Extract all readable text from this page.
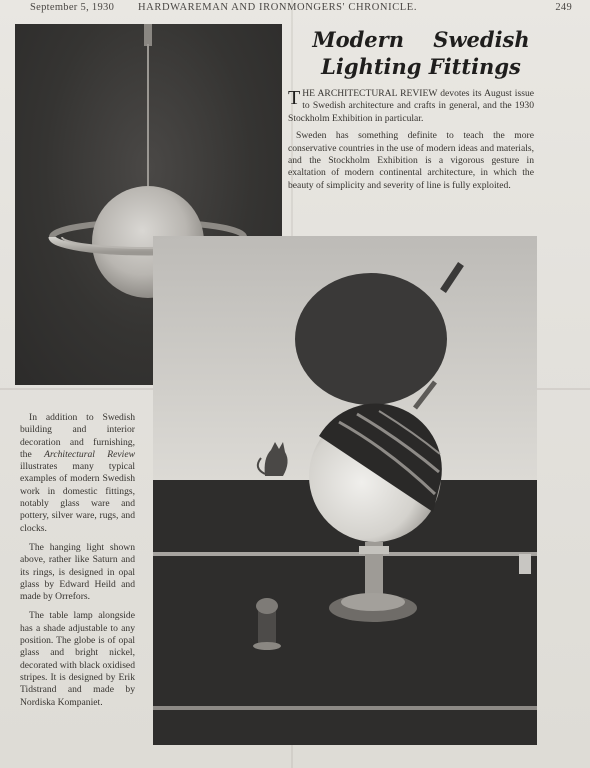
September 5, 1930 HARDWAREMAN AND IRONMONGERS' CHRONICLE.	249
Modern Swedish
Lighting Fittings

THE ARCHITECTURAL REVIEW devotes its August issue to Swedish architecture and crafts in general, and the 1930 Stockholm Exhibition in particular.

Sweden has something definite to teach the more conservative countries in the use of modern ideas and materials, and the Stockholm Exhibition is a vigorous gesture in exaltation of modern continental architecture, in which the beauty of simplicity and severity of line is fully exploited.

In addition to Swedish building and interior decoration and furnishing, the Architectural Review illustrates many typical examples of modern Swedish work in domestic fittings, notably glass ware and pottery, silver ware, rugs, and clocks.

The hanging light shown above, rather like Saturn and its rings, is designed in opal glass by Edward Heild and made by Orrefors.

The table lamp alongside has a shade adjustable to any position. The globe is of opal glass and bright nickel, decorated with black oxidised stripes. It is designed by Erik Tidstrand and made by Nordiska Kompaniet.
